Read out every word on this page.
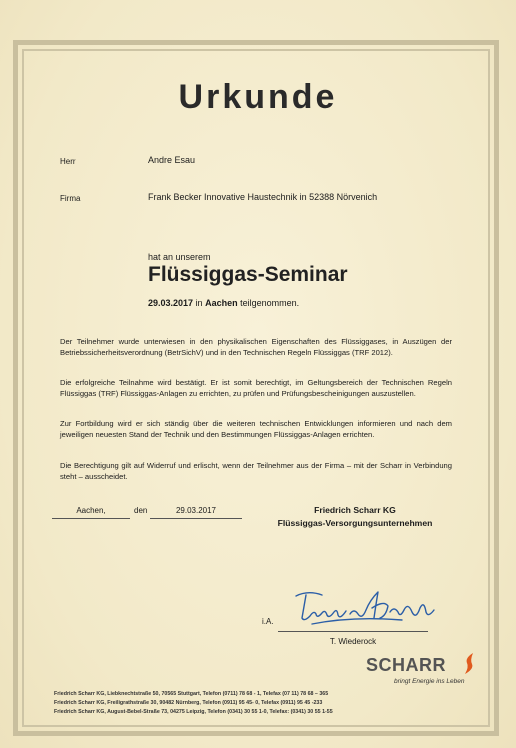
Urkunde
Herr	Andre Esau
Firma	Frank Becker Innovative Haustechnik in 52388 Nörvenich
hat an unserem
Flüssiggas-Seminar
29.03.2017 in Aachen teilgenommen.
Der Teilnehmer wurde unterwiesen in den physikalischen Eigenschaften des Flüssiggases, in Auszügen der Betriebssicherheitsverordnung (BetrSichV) und in den Technischen Regeln Flüssiggas (TRF 2012).
Die erfolgreiche Teilnahme wird bestätigt. Er ist somit berechtigt, im Geltungsbereich der Technischen Regeln Flüssiggas (TRF) Flüssiggas-Anlagen zu errichten, zu prüfen und Prüfungsbescheinigungen auszustellen.
Zur Fortbildung wird er sich ständig über die weiteren technischen Entwicklungen informieren und nach dem jeweiligen neuesten Stand der Technik und den Bestimmungen Flüssiggas-Anlagen errichten.
Die Berechtigung gilt auf Widerruf und erlischt, wenn der Teilnehmer aus der Firma – mit der Scharr in Verbindung steht – ausscheidet.
Aachen,	den	29.03.2017	Friedrich Scharr KG
Flüssiggas-Versorgungsunternehmen
i.A.
T. Wiederock
SCHARR
bringt Energie ins Leben
Friedrich Scharr KG, Liebknechtstraße 50, 70565 Stuttgart, Telefon (0711) 78 68 - 1, Telefax (07 11) 78 68 – 365
Friedrich Scharr KG, Freiligrathstraße 30, 90482 Nürnberg, Telefon (0911) 95 45- 0, Telefax (0911) 95 45 -233
Friedrich Scharr KG, August-Bebel-Straße 73, 04275 Leipzig, Telefon (0341) 30 55 1-0, Telefax: (0341) 30 55 1-55
